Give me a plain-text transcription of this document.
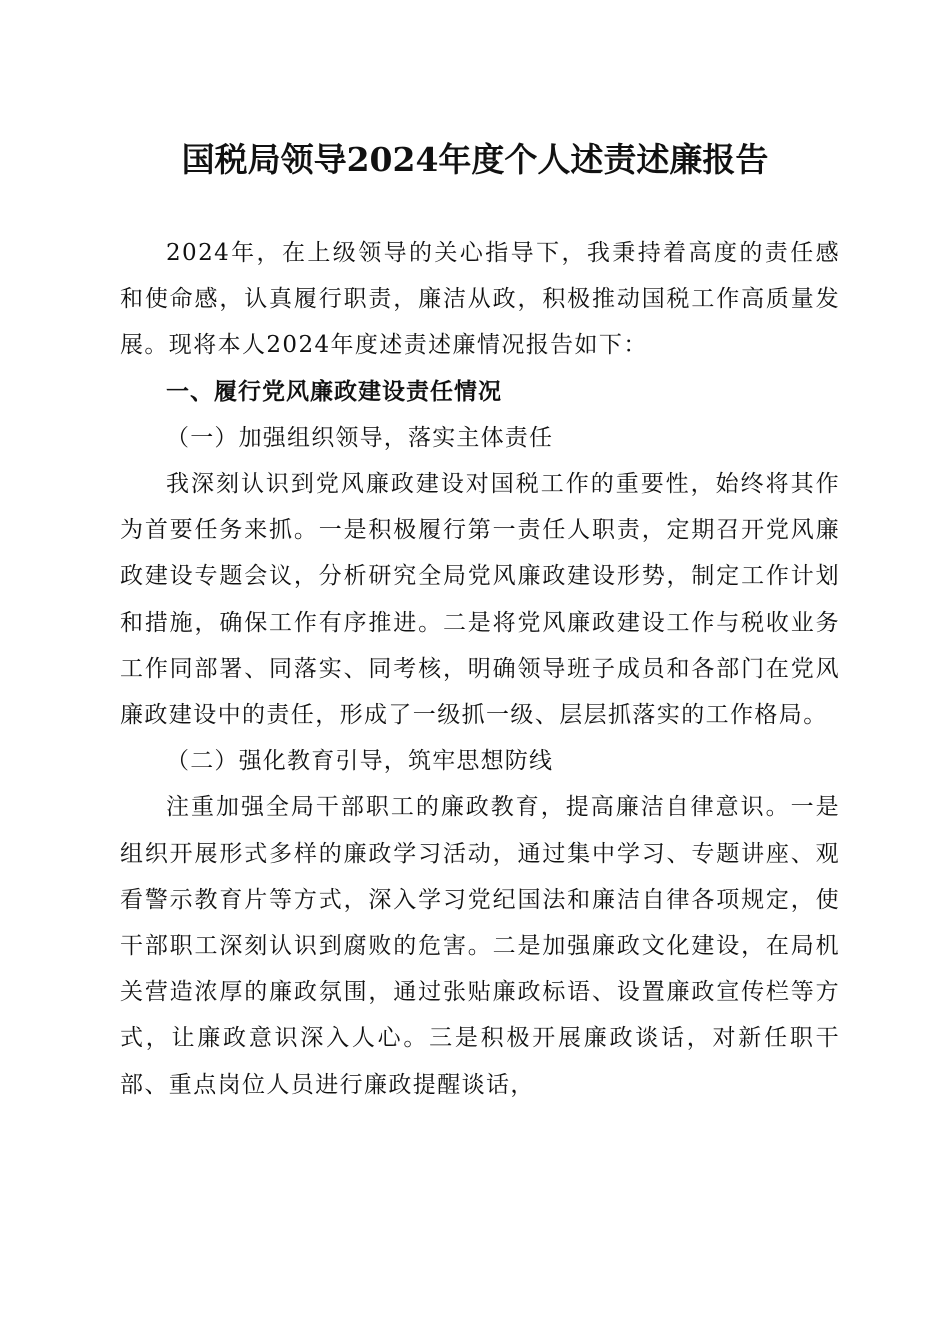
国税局领导2024年度个人述责述廉报告

2024年，在上级领导的关心指导下，我秉持着高度的责任感和使命感，认真履行职责，廉洁从政，积极推动国税工作高质量发展。现将本人2024年度述责述廉情况报告如下：

一、履行党风廉政建设责任情况

（一）加强组织领导，落实主体责任

我深刻认识到党风廉政建设对国税工作的重要性，始终将其作为首要任务来抓。一是积极履行第一责任人职责，定期召开党风廉政建设专题会议，分析研究全局党风廉政建设形势，制定工作计划和措施，确保工作有序推进。二是将党风廉政建设工作与税收业务工作同部署、同落实、同考核，明确领导班子成员和各部门在党风廉政建设中的责任，形成了一级抓一级、层层抓落实的工作格局。

（二）强化教育引导，筑牢思想防线

注重加强全局干部职工的廉政教育，提高廉洁自律意识。一是组织开展形式多样的廉政学习活动，通过集中学习、专题讲座、观看警示教育片等方式，深入学习党纪国法和廉洁自律各项规定，使干部职工深刻认识到腐败的危害。二是加强廉政文化建设，在局机关营造浓厚的廉政氛围，通过张贴廉政标语、设置廉政宣传栏等方式，让廉政意识深入人心。三是积极开展廉政谈话，对新任职干部、重点岗位人员进行廉政提醒谈话，
